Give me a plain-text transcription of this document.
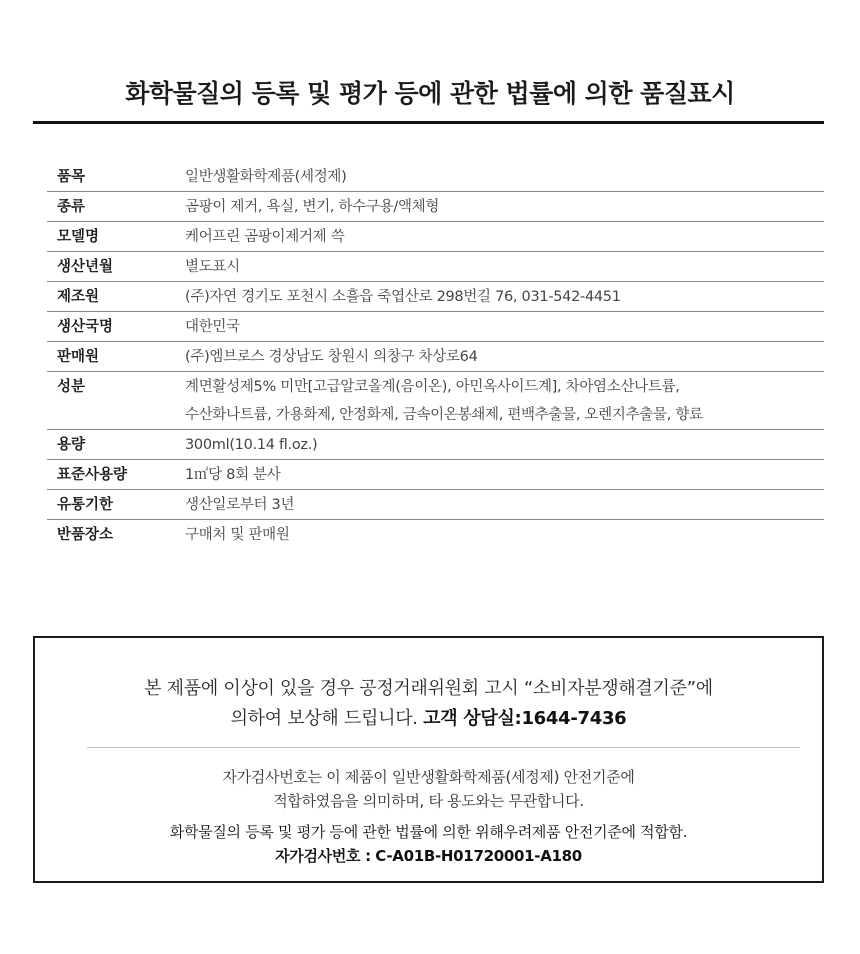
화학물질의 등록 및 평가 등에 관한 법률에 의한 품질표시
품목	일반생활화학제품(세정제)
종류	곰팡이 제거, 욕실, 변기, 하수구용/액체형
모델명	케어프린 곰팡이제거제 쓱
생산년월	별도표시
제조원	(주)자연 경기도 포천시 소흘읍 죽엽산로 298번길 76, 031-542-4451
생산국명	대한민국
판매원	(주)엠브로스 경상남도 창원시 의창구 차상로64
성분	계면활성제5% 미만[고급알코올계(음이온), 아민옥사이드계], 차아염소산나트륨,
수산화나트륨, 가용화제, 안정화제, 금속이온봉쇄제, 편백추출물, 오렌지추출물, 향료

용량	300ml(10.14 fl.oz.)
표준사용량	1㎡당 8회 분사
유통기한	생산일로부터 3년
반품장소	구매처 및 판매원
본 제품에 이상이 있을 경우 공정거래위원회 고시 “소비자분쟁해결기준”에
의하여 보상해 드립니다. 고객 상담실:1644-7436
자가검사번호는 이 제품이 일반생활화학제품(세정제) 안전기준에
적합하였음을 의미하며, 타 용도와는 무관합니다.
화학물질의 등록 및 평가 등에 관한 법률에 의한 위해우려제품 안전기준에 적합함.
자가검사번호 : C-A01B-H01720001-A180
